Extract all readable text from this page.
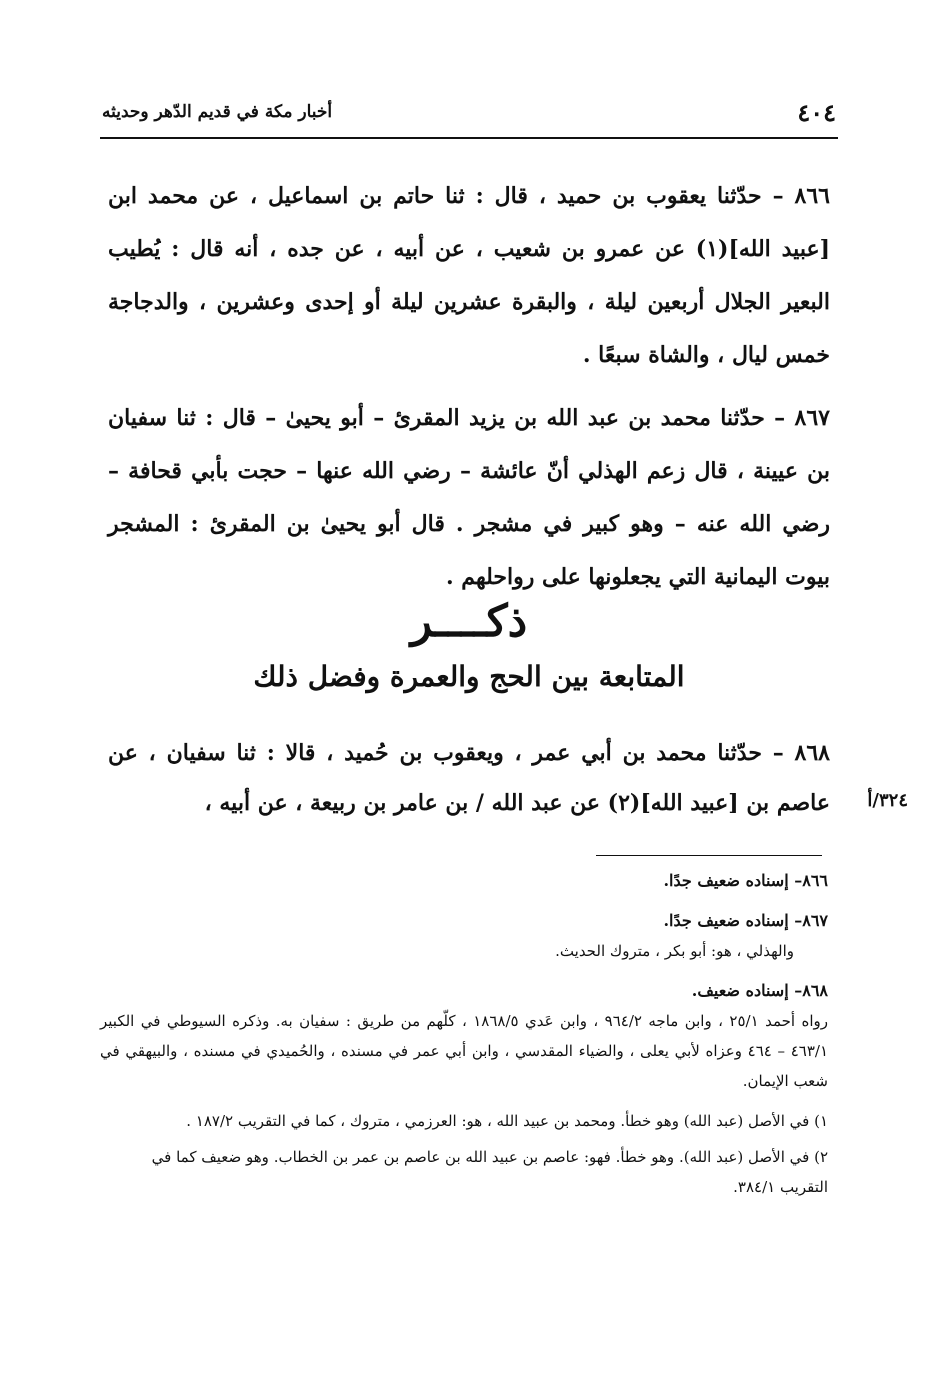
٤٠٤
أخبار مكة في قديم الدّهر وحديثه

٨٦٦ – حدّثنا يعقوب بن حميد ، قال : ثنا حاتم بن اسماعيل ، عن محمد ابن [عبيد الله](١) عن عمرو بن شعيب ، عن أبيه ، عن جده ، أنه قال : يُطيب البعير الجلال أربعين ليلة ، والبقرة عشرين ليلة أو إحدى وعشرين ، والدجاجة خمس ليال ، والشاة سبعًا .

٨٦٧ – حدّثنا محمد بن عبد الله بن يزيد المقرئ – أبو يحيىٰ – قال : ثنا سفيان بن عيينة ، قال زعم الهذلي أنّ عائشة – رضي الله عنها – حجت بأبي قحافة – رضي الله عنه – وهو كبير في مشجر . قال أبو يحيىٰ بن المقرئ : المشجر بيوت اليمانية التي يجعلونها على رواحلهم .

ذكــــر
المتابعة بين الحج والعمرة وفضل ذلك

٨٦٨ – حدّثنا محمد بن أبي عمر ، ويعقوب بن حُميد ، قالا : ثنا سفيان ، عن عاصم بن [عبيد الله](٢) عن عبد الله / بن عامر بن ربيعة ، عن أبيه ،	٣٢٤/أ
٨٦٦– إسناده ضعيف جدًا.
٨٦٧– إسناده ضعيف جدًا.
والهذلي ، هو: أبو بكر ، متروك الحديث.
٨٦٨– إسناده ضعيف.
رواه أحمد ٢٥/١ ، وابن ماجه ٩٦٤/٢ ، وابن عَدي ١٨٦٨/٥ ، كلّهم من طريق : سفيان به. وذكره السيوطي في الكبير ٤٦٣/١ – ٤٦٤ وعزاه لأبي يعلى ، والضياء المقدسي ، وابن أبي عمر في مسنده ، والحُميدي في مسنده ، والبيهقي في شعب الإيمان.
١) في الأصل (عبد الله) وهو خطأ. ومحمد بن عبيد الله ، هو: العرزمي ، متروك ، كما في التقريب ١٨٧/٢ .
٢) في الأصل (عبد الله). وهو خطأ. فهو: عاصم بن عبيد الله بن عاصم بن عمر بن الخطاب. وهو ضعيف كما في التقريب ٣٨٤/١.
